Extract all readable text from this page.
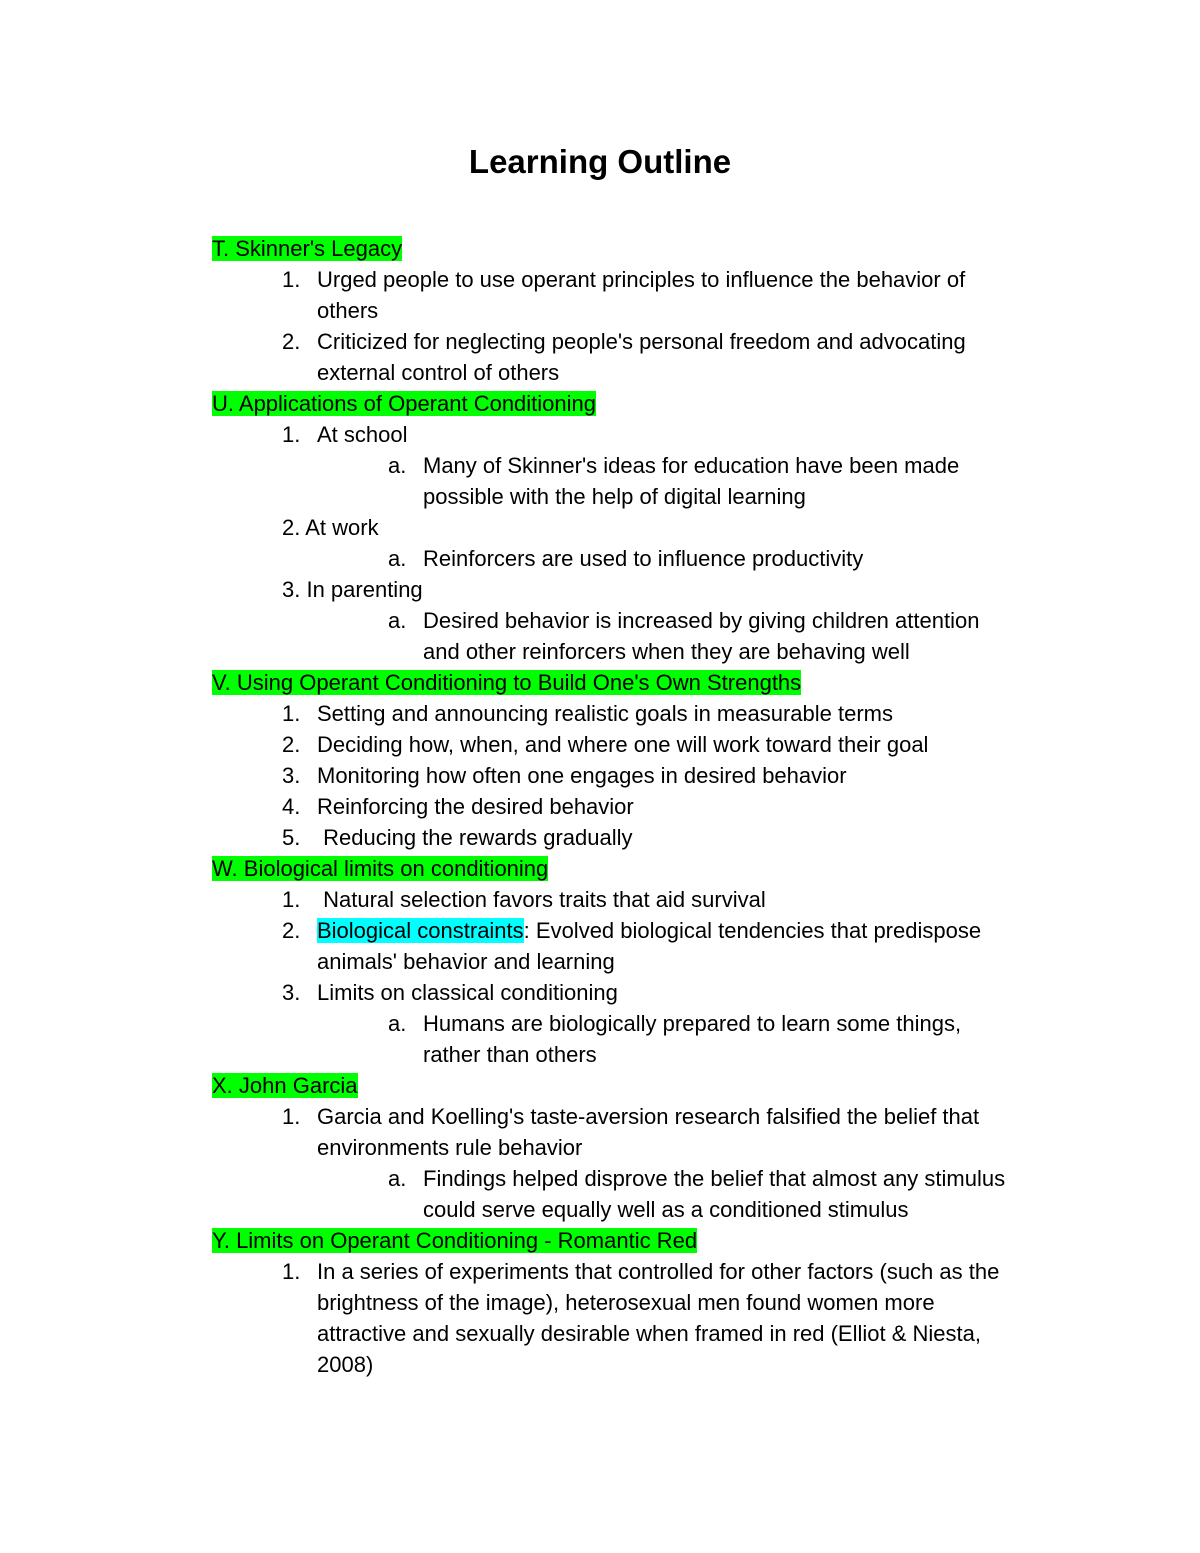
Learning Outline
T. Skinner's Legacy
1. Urged people to use operant principles to influence the behavior of
others
2. Criticized for neglecting people's personal freedom and advocating
external control of others
U. Applications of Operant Conditioning
1. At school
a. Many of Skinner's ideas for education have been made
possible with the help of digital learning
2. At work
a. Reinforcers are used to influence productivity
3. In parenting
a. Desired behavior is increased by giving children attention
and other reinforcers when they are behaving well
V. Using Operant Conditioning to Build One's Own Strengths
1. Setting and announcing realistic goals in measurable terms
2. Deciding how, when, and where one will work toward their goal
3. Monitoring how often one engages in desired behavior
4. Reinforcing the desired behavior
5. Reducing the rewards gradually
W. Biological limits on conditioning
1. Natural selection favors traits that aid survival
2. Biological constraints: Evolved biological tendencies that predispose
animals' behavior and learning
3. Limits on classical conditioning
a. Humans are biologically prepared to learn some things,
rather than others
X. John Garcia
1. Garcia and Koelling's taste-aversion research falsified the belief that
environments rule behavior
a. Findings helped disprove the belief that almost any stimulus
could serve equally well as a conditioned stimulus
Y. Limits on Operant Conditioning - Romantic Red
1. In a series of experiments that controlled for other factors (such as the
brightness of the image), heterosexual men found women more
attractive and sexually desirable when framed in red (Elliot & Niesta,
2008)
